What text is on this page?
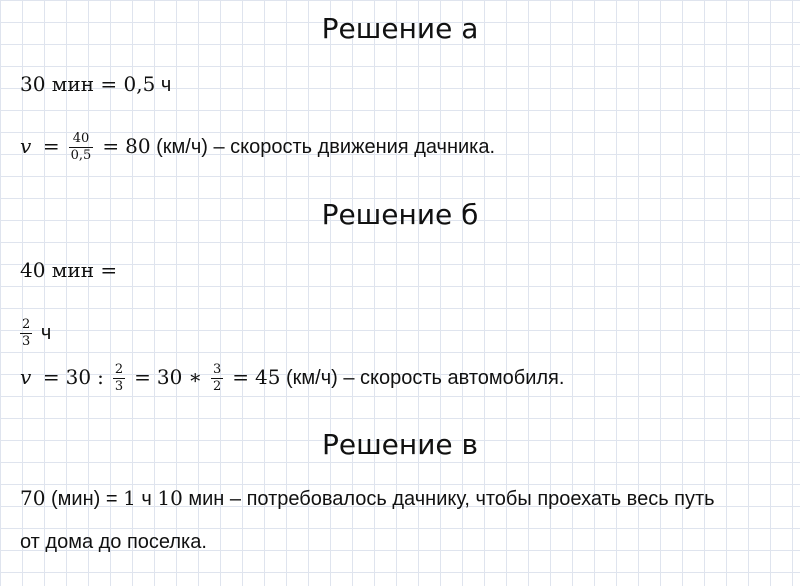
Решение а
30 мин = 0,5 ч
$v = \frac{40}{0,5} = 80$ (км/ч) – скорость движения дачника.
Решение б
40 мин =
$\frac{2}{3}$ ч
v = 30 : $\frac{2}{3} = 30$ ∗ $\frac{3}{2} = 45$ (км/ч) – скорость автомобиля.
Решение в
70 (мин) = 1 ч 10 мин – потребовалось дачнику, чтобы проехать весь путь
от дома до поселка.
